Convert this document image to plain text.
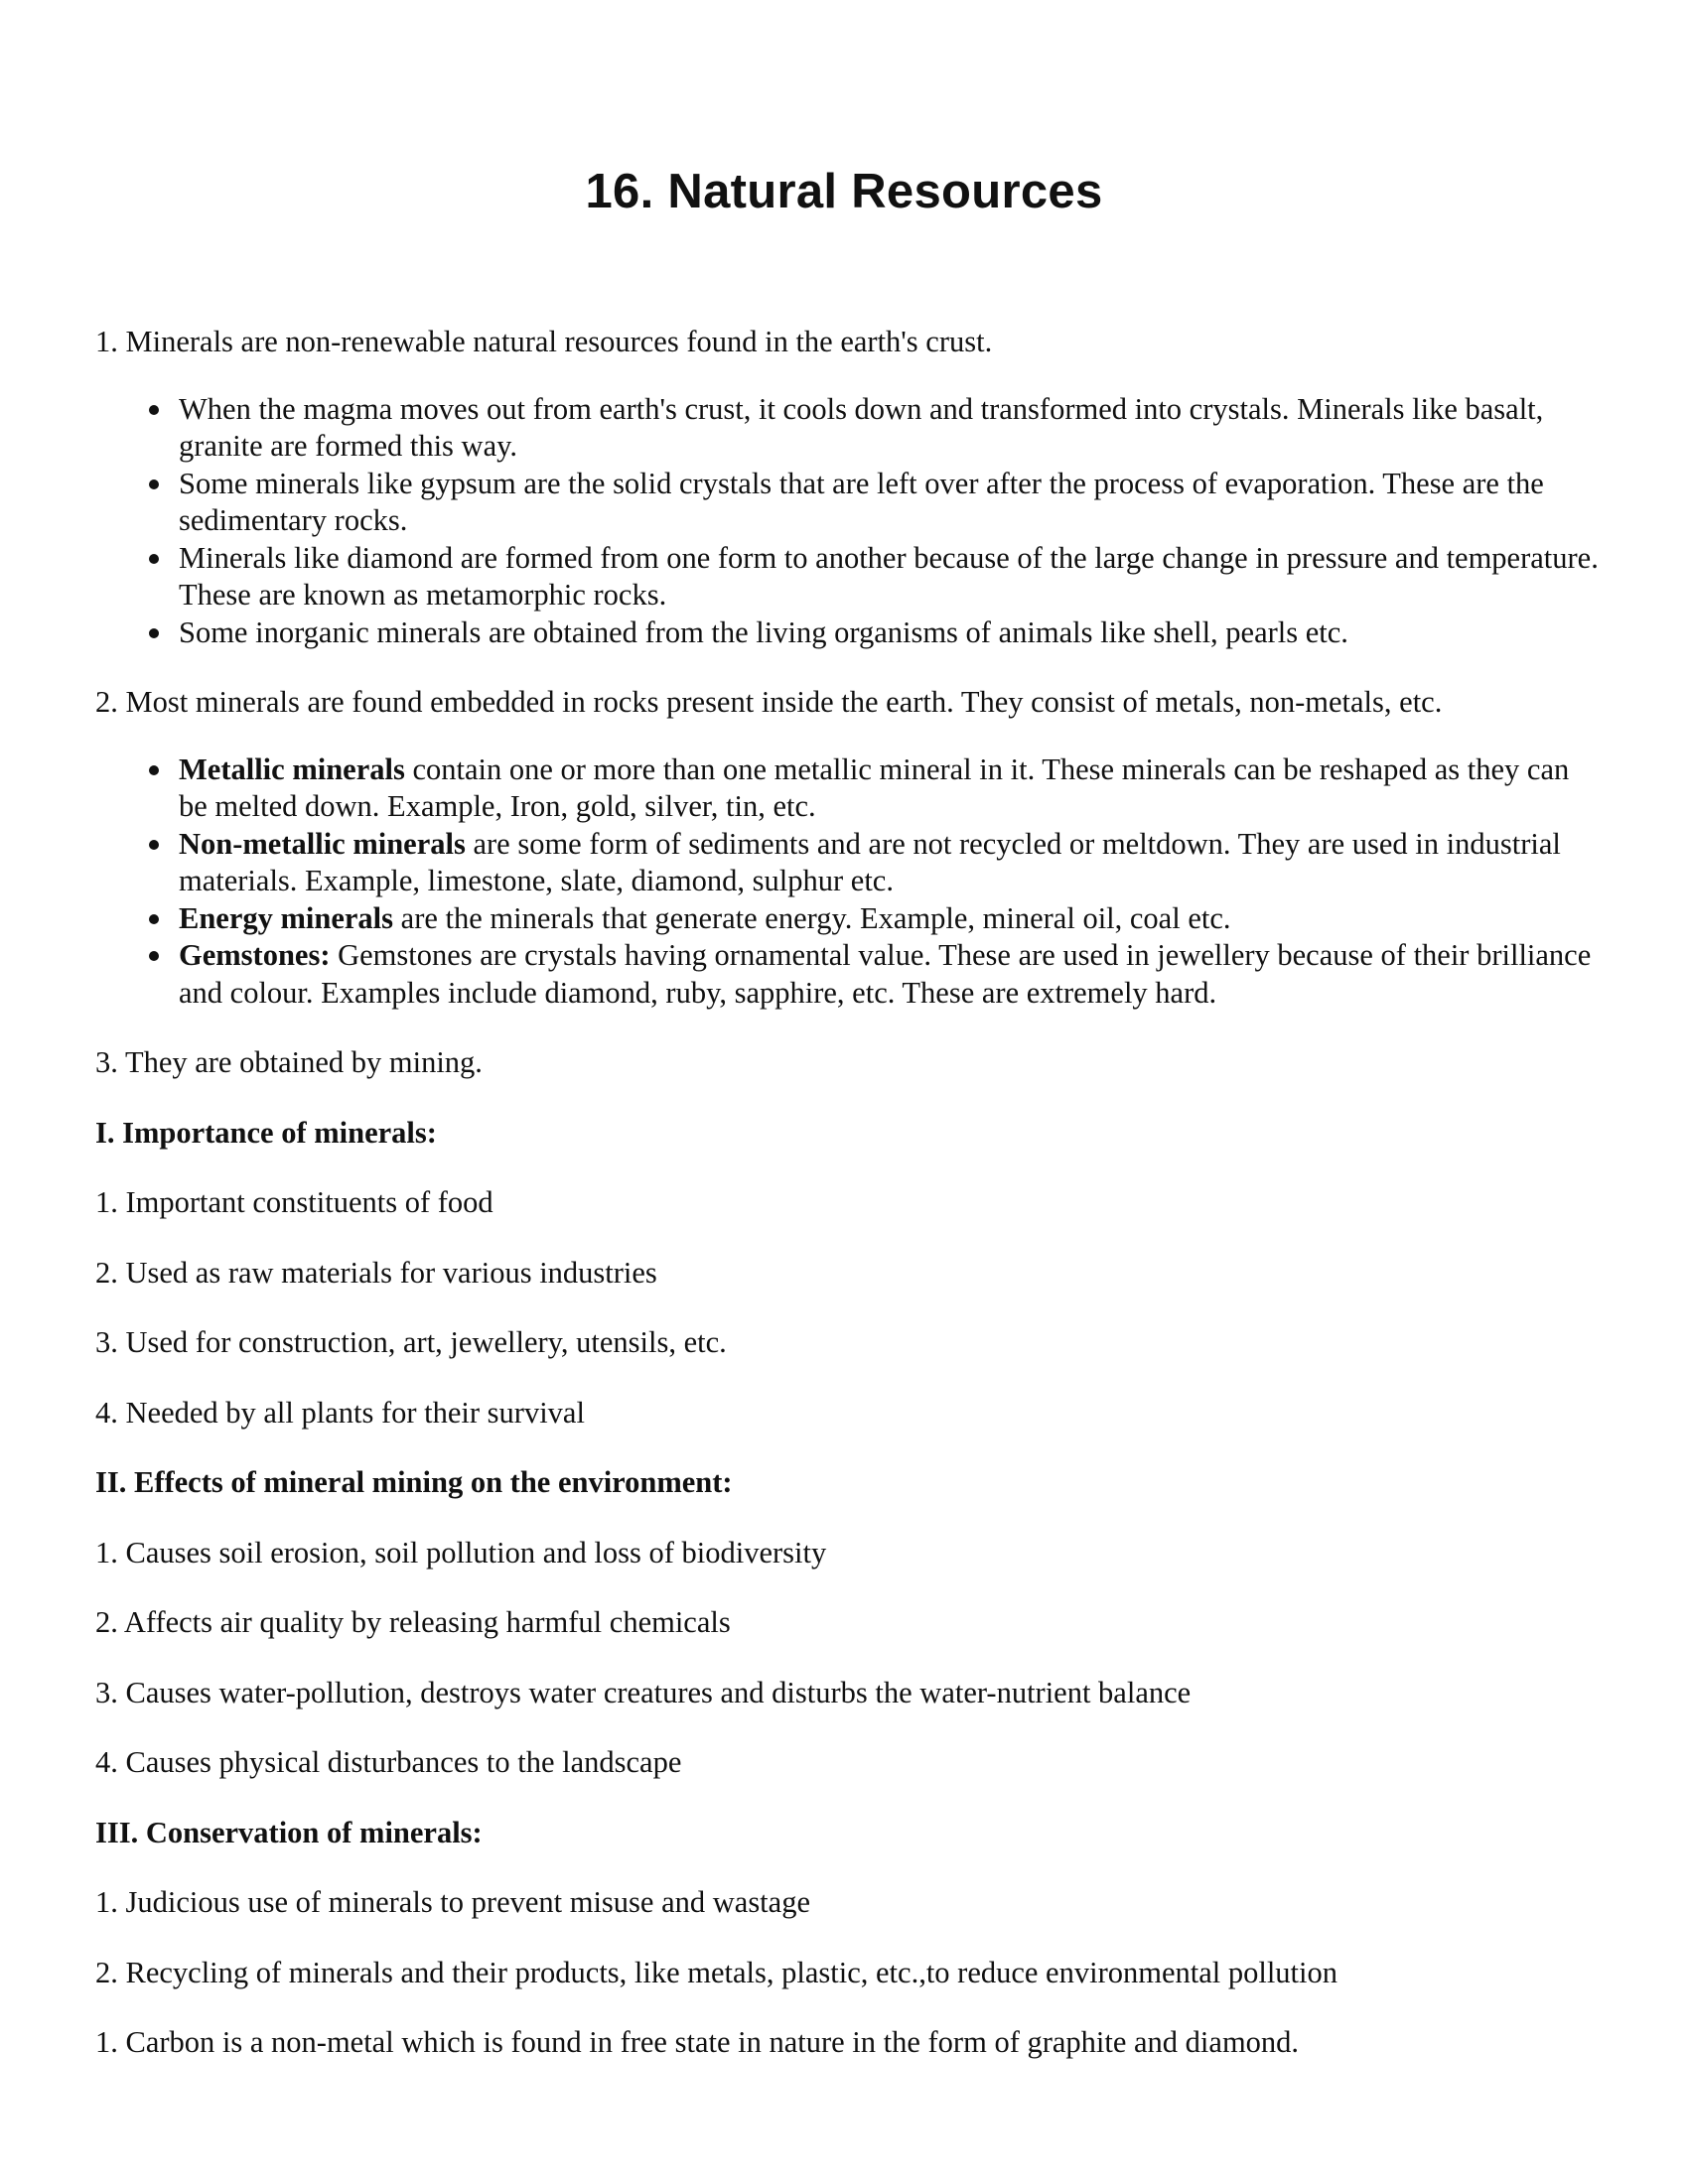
16. Natural Resources

1. Minerals are non-renewable natural resources found in the earth's crust.

When the magma moves out from earth's crust, it cools down and transformed into crystals. Minerals like basalt, granite are formed this way.
Some minerals like gypsum are the solid crystals that are left over after the process of evaporation. These are the sedimentary rocks.
Minerals like diamond are formed from one form to another because of the large change in pressure and temperature. These are known as metamorphic rocks.
Some inorganic minerals are obtained from the living organisms of animals like shell, pearls etc.

2. Most minerals are found embedded in rocks present inside the earth. They consist of metals, non-metals, etc.

Metallic minerals contain one or more than one metallic mineral in it. These minerals can be reshaped as they can be melted down. Example, Iron, gold, silver, tin, etc.
Non-metallic minerals are some form of sediments and are not recycled or meltdown. They are used in industrial materials. Example, limestone, slate, diamond, sulphur etc.
Energy minerals are the minerals that generate energy. Example, mineral oil, coal etc.
Gemstones: Gemstones are crystals having ornamental value. These are used in jewellery because of their brilliance and colour. Examples include diamond, ruby, sapphire, etc. These are extremely hard.

3. They are obtained by mining.

I. Importance of minerals:

1. Important constituents of food

2. Used as raw materials for various industries

3. Used for construction, art, jewellery, utensils, etc.

4. Needed by all plants for their survival

II. Effects of mineral mining on the environment:

1. Causes soil erosion, soil pollution and loss of biodiversity

2. Affects air quality by releasing harmful chemicals

3. Causes water-pollution, destroys water creatures and disturbs the water-nutrient balance

4. Causes physical disturbances to the landscape

III. Conservation of minerals:

1. Judicious use of minerals to prevent misuse and wastage

2. Recycling of minerals and their products, like metals, plastic, etc.,to reduce environmental pollution

1. Carbon is a non-metal which is found in free state in nature in the form of graphite and diamond.
